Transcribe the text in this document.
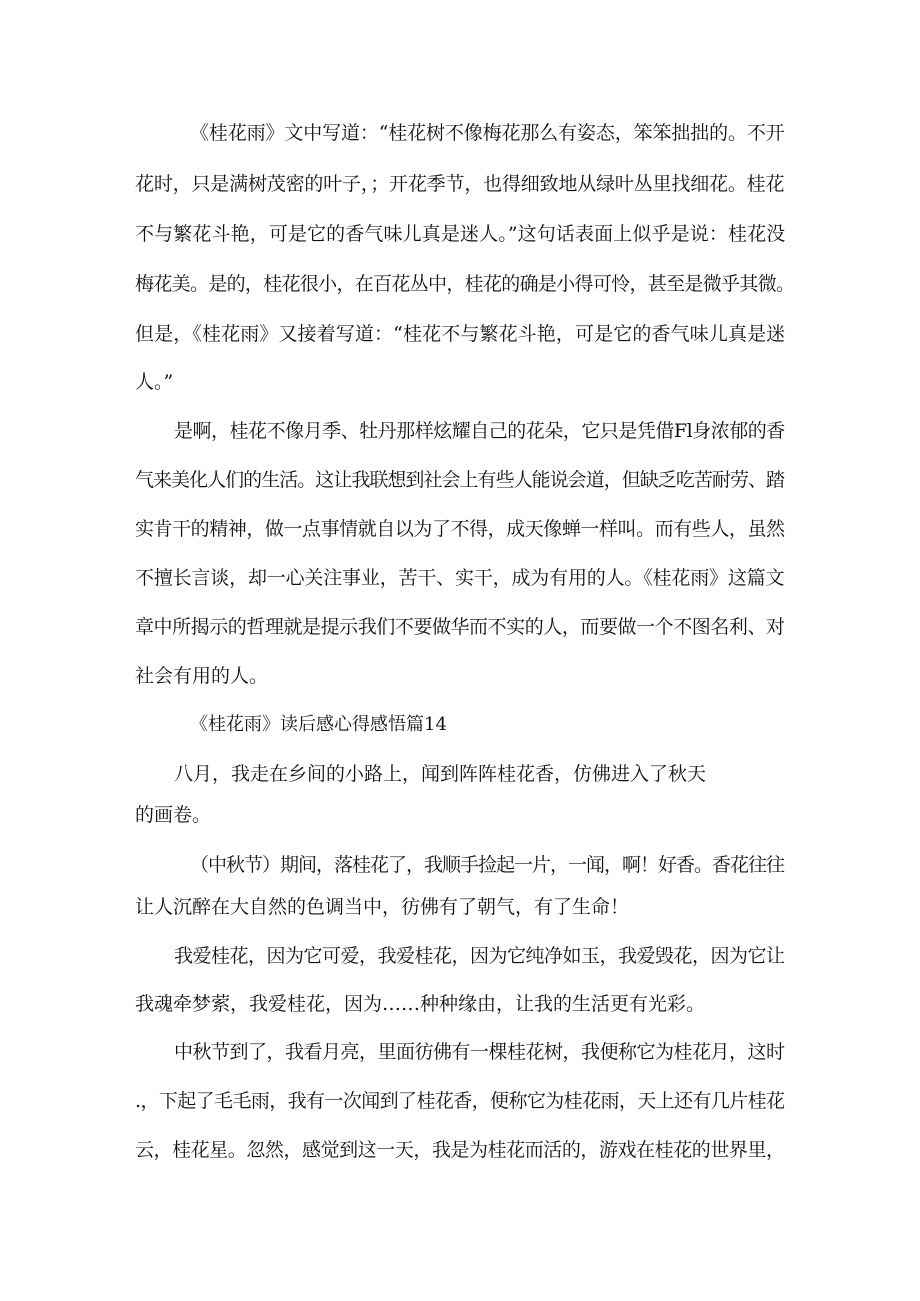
《桂花雨》文中写道：“桂花树不像梅花那么有姿态，笨笨拙拙的。不开
花时，只是满树茂密的叶子，；开花季节，也得细致地从绿叶丛里找细花。桂花
不与繁花斗艳，可是它的香气味儿真是迷人。”这句话表面上似乎是说：桂花没
梅花美。是的，桂花很小，在百花丛中，桂花的确是小得可怜，甚至是微乎其微。
但是，《桂花雨》又接着写道：“桂花不与繁花斗艳，可是它的香气味儿真是迷
人。”
是啊，桂花不像月季、牡丹那样炫耀自己的花朵，它只是凭借Fl身浓郁的香
气来美化人们的生活。这让我联想到社会上有些人能说会道，但缺乏吃苦耐劳、踏
实肯干的精神，做一点事情就自以为了不得，成天像蝉一样叫。而有些人，虽然
不擅长言谈，却一心关注事业，苦干、实干，成为有用的人。《桂花雨》这篇文
章中所揭示的哲理就是提示我们不要做华而不实的人，而要做一个不图名利、对
社会有用的人。
《桂花雨》读后感心得感悟篇14
八月，我走在乡间的小路上，闻到阵阵桂花香，仿佛进入了秋天
的画卷。
（中秋节）期间，落桂花了，我顺手捡起一片，一闻，啊！好香。香花往往
让人沉醉在大自然的色调当中，彷佛有了朝气，有了生命！
我爱桂花，因为它可爱，我爱桂花，因为它纯净如玉，我爱毁花，因为它让
我魂牵梦萦，我爱桂花，因为……种种缘由，让我的生活更有光彩。
中秋节到了，我看月亮，里面彷佛有一棵桂花树，我便称它为桂花月，这时
.，下起了毛毛雨，我有一次闻到了桂花香，便称它为桂花雨，天上还有几片桂花
云，桂花星。忽然，感觉到这一天，我是为桂花而活的，游戏在桂花的世界里，
